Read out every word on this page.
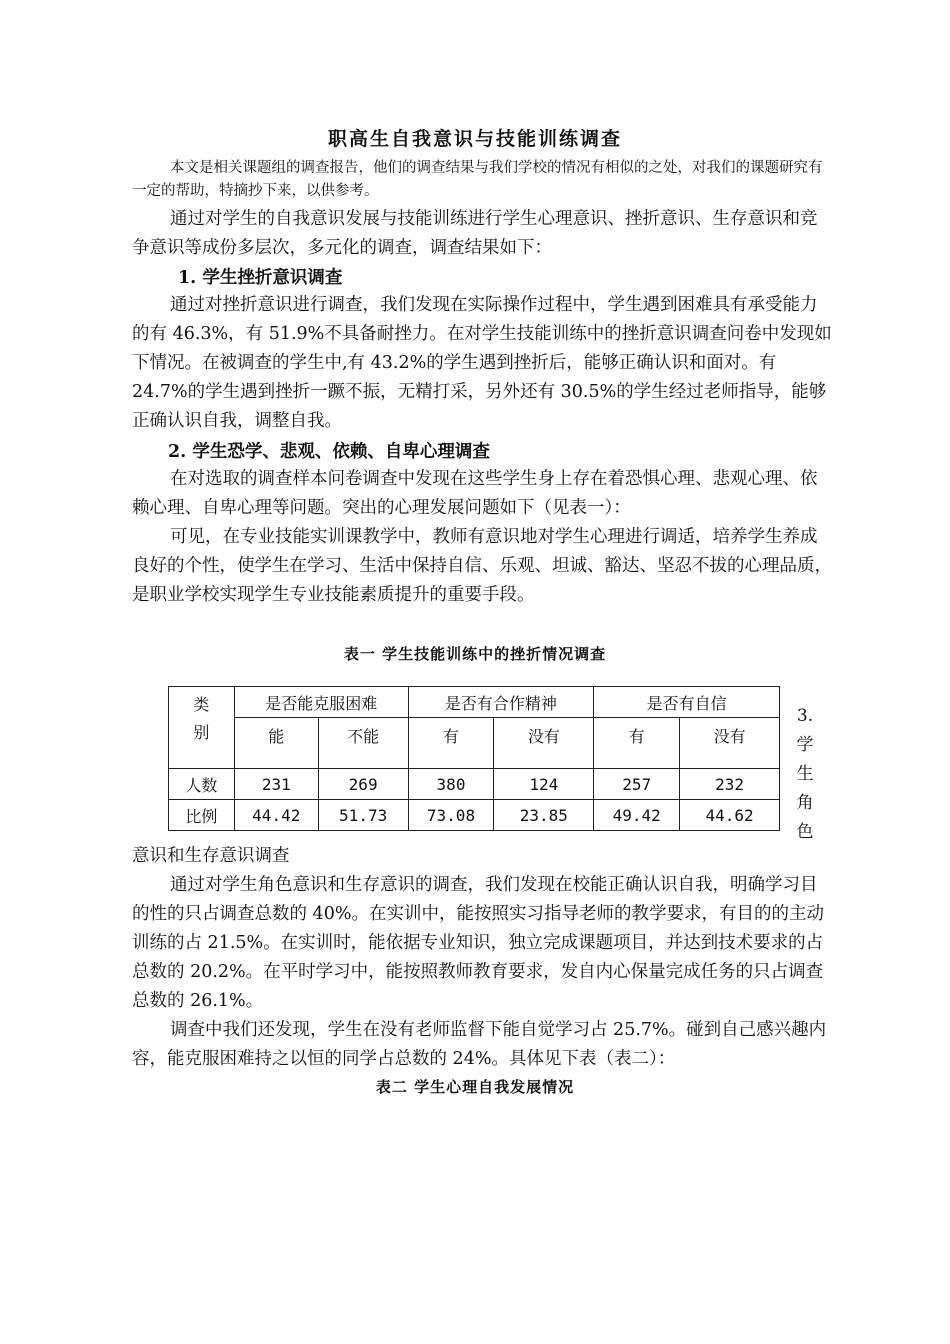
职高生自我意识与技能训练调查

本文是相关课题组的调查报告，他们的调查结果与我们学校的情况有相似的之处，对我们的课题研究有一定的帮助，特摘抄下来，以供参考。

通过对学生的自我意识发展与技能训练进行学生心理意识、挫折意识、生存意识和竞争意识等成份多层次，多元化的调查，调查结果如下：

1. 学生挫折意识调查

通过对挫折意识进行调查，我们发现在实际操作过程中，学生遇到困难具有承受能力的有 46.3%，有 51.9%不具备耐挫力。在对学生技能训练中的挫折意识调查问卷中发现如下情况。在被调查的学生中,有 43.2%的学生遇到挫折后，能够正确认识和面对。有 24.7%的学生遇到挫折一蹶不振，无精打采，另外还有 30.5%的学生经过老师指导，能够正确认识自我，调整自我。

2. 学生恐学、悲观、依赖、自卑心理调查

在对选取的调查样本问卷调查中发现在这些学生身上存在着恐惧心理、悲观心理、依赖心理、自卑心理等问题。突出的心理发展问题如下（见表一）：

可见，在专业技能实训课教学中，教师有意识地对学生心理进行调适，培养学生养成良好的个性，使学生在学习、生活中保持自信、乐观、坦诚、豁达、坚忍不拔的心理品质，是职业学校实现学生专业技能素质提升的重要手段。

表一 学生技能训练中的挫折情况调查
类
别	是否能克服困难		是否有合作精神		是否有自信	
	能	不能	有	没有	有	没有
人数	231	269	380	124	257	232
比例	44.42	51.73	73.08	23.85	49.42	44.62
3.
学
生
角
色

意识和生存意识调查

通过对学生角色意识和生存意识的调查，我们发现在校能正确认识自我，明确学习目的性的只占调查总数的 40%。在实训中，能按照实习指导老师的教学要求，有目的的主动训练的占 21.5%。在实训时，能依据专业知识，独立完成课题项目，并达到技术要求的占总数的 20.2%。在平时学习中，能按照教师教育要求，发自内心保量完成任务的只占调查总数的 26.1%。

调查中我们还发现，学生在没有老师监督下能自觉学习占 25.7%。碰到自己感兴趣内容，能克服困难持之以恒的同学占总数的 24%。具体见下表（表二）：

表二 学生心理自我发展情况
